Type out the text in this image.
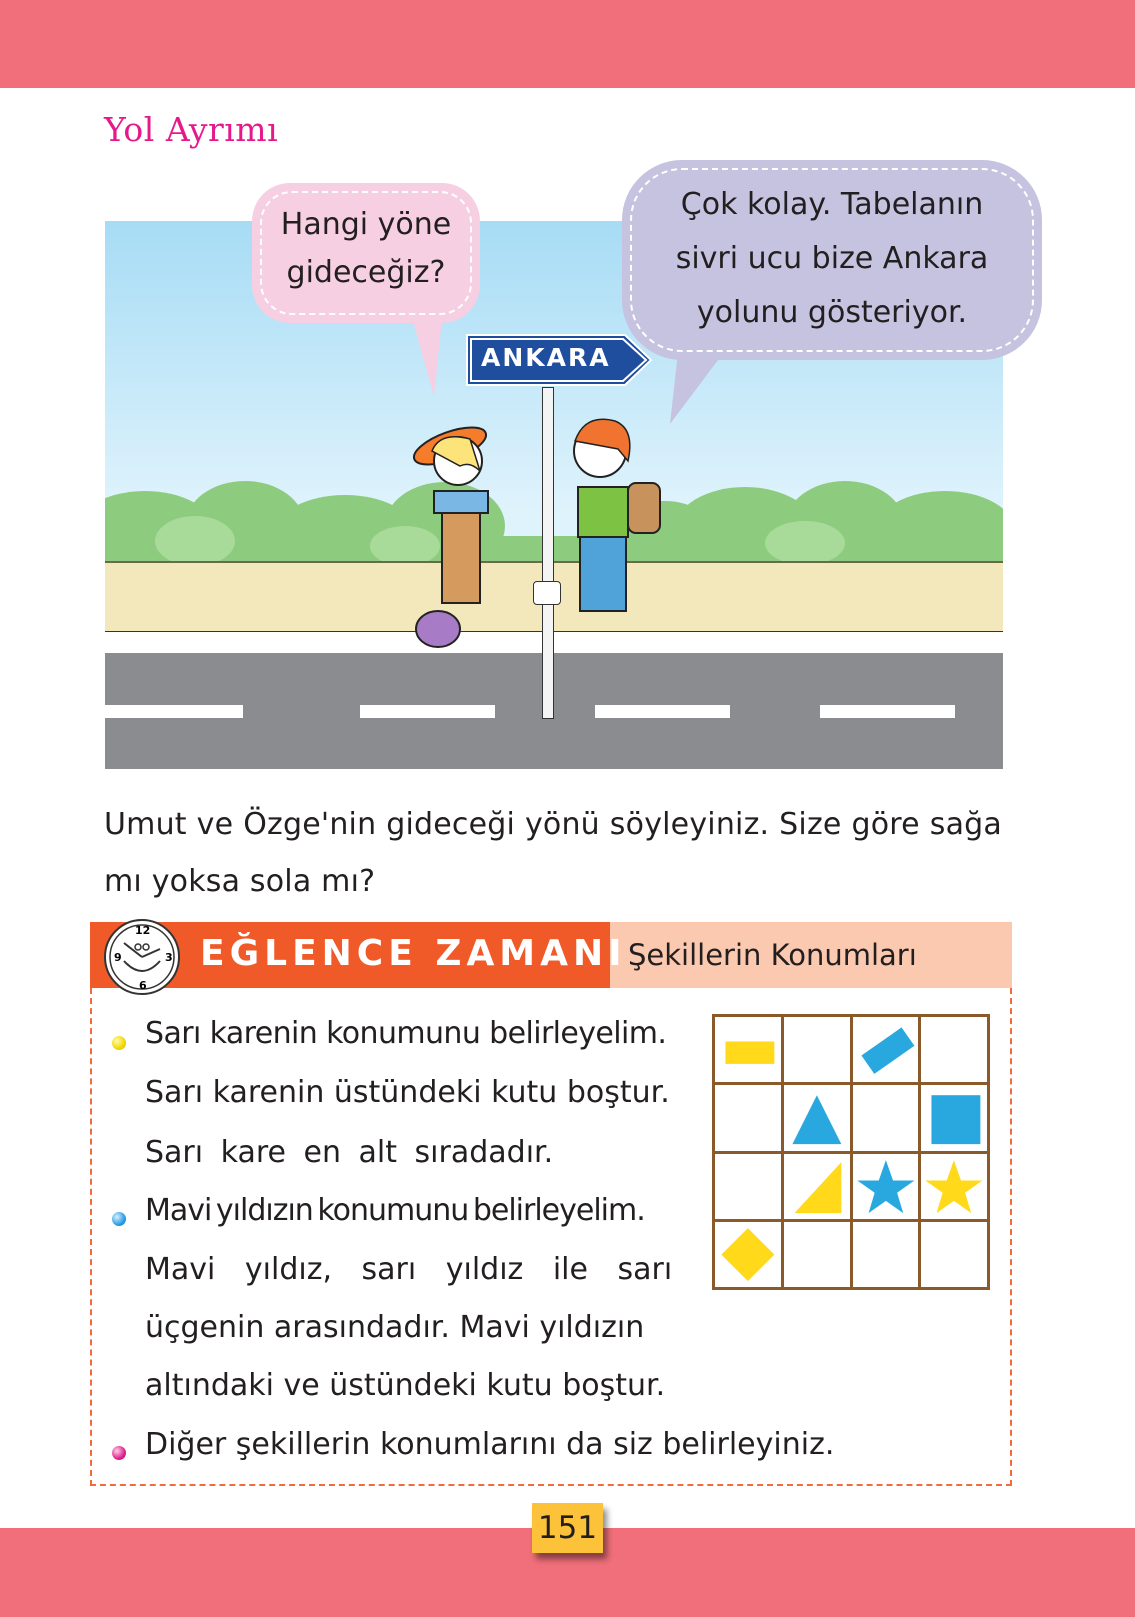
Yol Ayrımı
Hangi yöne
gideceğiz?
Çok kolay. Tabelanın
sivri ucu bize Ankara
yolunu gösteriyor.
ANKARA
Umut ve Özge'nin gideceği yönü söyleyiniz. Size göre sağa mı yoksa sola mı?
12
9	3
6
EĞLENCE ZAMANI Şekillerin Konumları
Sarı karenin konumunu belirleyelim.
Sarı karenin üstündeki kutu boştur.
Sarı kare en alt sıradadır.
Mavi yıldızın konumunu belirleyelim.
Mavi yıldız, sarı yıldız ile sarı
üçgenin arasındadır. Mavi yıldızın
altındaki ve üstündeki kutu boştur.
Diğer şekillerin konumlarını da siz belirleyiniz.
151
